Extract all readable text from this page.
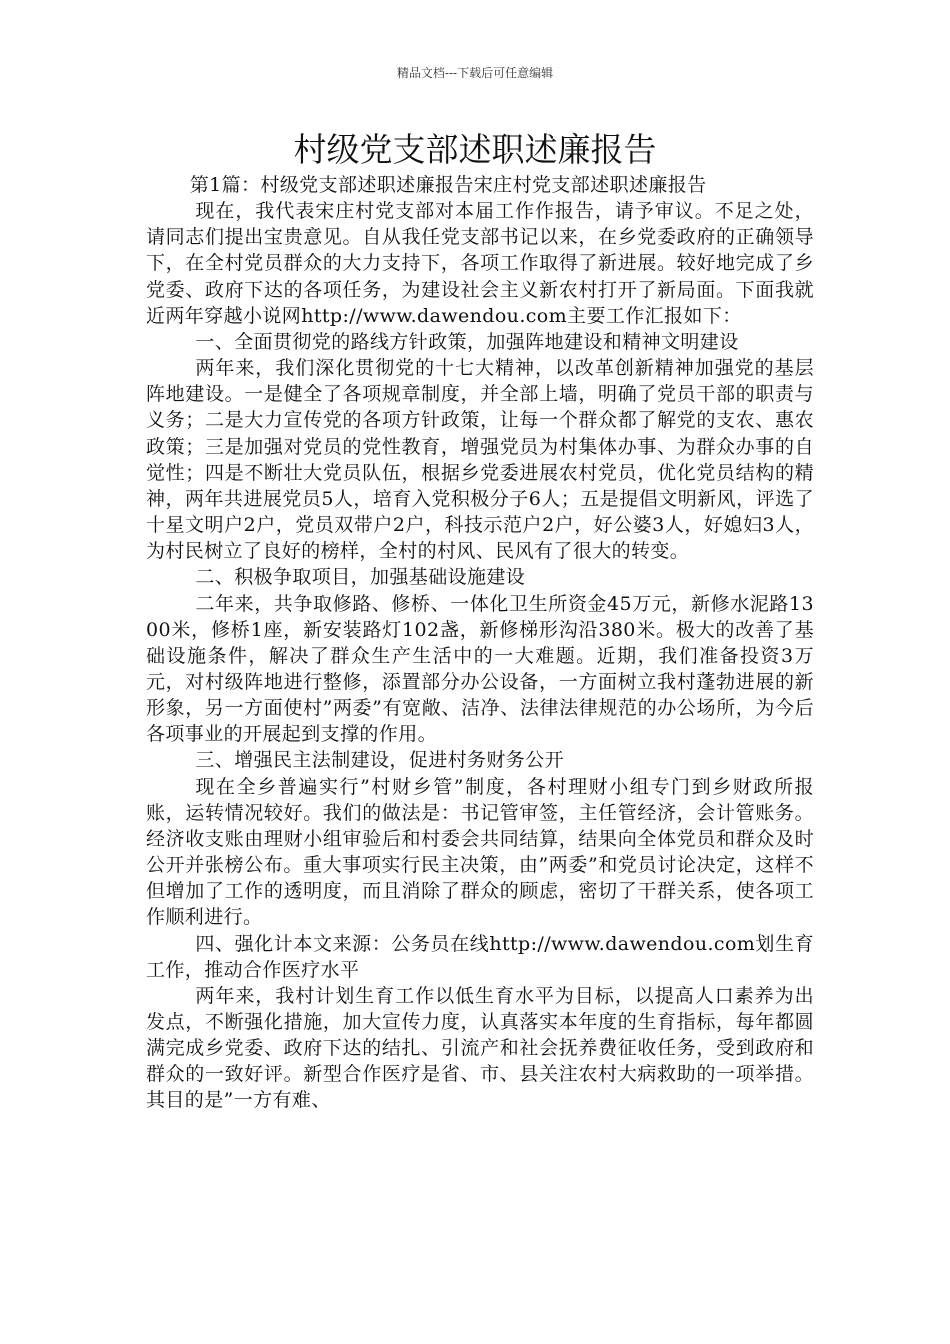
精品文档---下载后可任意编辑
村级党支部述职述廉报告

第1篇：村级党支部述职述廉报告宋庄村党支部述职述廉报告

现在，我代表宋庄村党支部对本届工作作报告，请予审议。不足之处，请同志们提出宝贵意见。自从我任党支部书记以来，在乡党委政府的正确领导下，在全村党员群众的大力支持下，各项工作取得了新进展。较好地完成了乡党委、政府下达的各项任务，为建设社会主义新农村打开了新局面。下面我就近两年穿越小说网http://www.dawendou.com主要工作汇报如下：

一、全面贯彻党的路线方针政策，加强阵地建设和精神文明建设

两年来，我们深化贯彻党的十七大精神，以改革创新精神加强党的基层阵地建设。一是健全了各项规章制度，并全部上墙，明确了党员干部的职责与义务；二是大力宣传党的各项方针政策，让每一个群众都了解党的支农、惠农政策；三是加强对党员的党性教育，增强党员为村集体办事、为群众办事的自觉性；四是不断壮大党员队伍，根据乡党委进展农村党员，优化党员结构的精神，两年共进展党员5人，培育入党积极分子6人；五是提倡文明新风，评选了十星文明户2户，党员双带户2户，科技示范户2户，好公婆3人，好媳妇3人，为村民树立了良好的榜样，全村的村风、民风有了很大的转变。

二、积极争取项目，加强基础设施建设

二年来，共争取修路、修桥、一体化卫生所资金45万元，新修水泥路1300米，修桥1座，新安装路灯102盏，新修梯形沟沿380米。极大的改善了基础设施条件，解决了群众生产生活中的一大难题。近期，我们准备投资3万元，对村级阵地进行整修，添置部分办公设备，一方面树立我村蓬勃进展的新形象，另一方面使村”两委”有宽敞、洁净、法律法律规范的办公场所，为今后各项事业的开展起到支撑的作用。

三、增强民主法制建设，促进村务财务公开

现在全乡普遍实行”村财乡管”制度，各村理财小组专门到乡财政所报账，运转情况较好。我们的做法是：书记管审签，主任管经济，会计管账务。经济收支账由理财小组审验后和村委会共同结算，结果向全体党员和群众及时公开并张榜公布。重大事项实行民主决策，由”两委”和党员讨论决定，这样不但增加了工作的透明度，而且消除了群众的顾虑，密切了干群关系，使各项工作顺利进行。

四、强化计本文来源：公务员在线http://www.dawendou.com划生育工作，推动合作医疗水平

两年来，我村计划生育工作以低生育水平为目标，以提高人口素养为出发点，不断强化措施，加大宣传力度，认真落实本年度的生育指标，每年都圆满完成乡党委、政府下达的结扎、引流产和社会抚养费征收任务，受到政府和群众的一致好评。新型合作医疗是省、市、县关注农村大病救助的一项举措。其目的是”一方有难、
